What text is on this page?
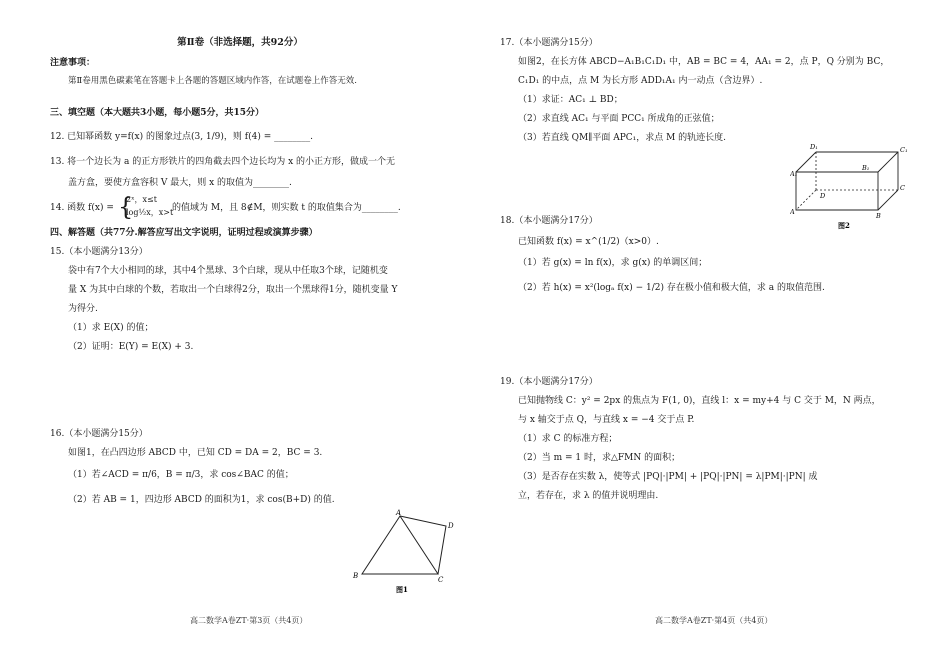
第Ⅱ卷（非选择题，共92分）
注意事项：
第Ⅱ卷用黑色碳素笔在答题卡上各题的答题区域内作答，在试题卷上作答无效.
三、填空题（本大题共3小题，每小题5分，共15分）
12. 已知幂函数 y=f(x) 的图象过点(3, 1/9)，则 f(4) = ________.
13. 将一个边长为 a 的正方形铁片的四角截去四个边长均为 x 的小正方形，做成一个无
盖方盒，要使方盒容积 V 最大，则 x 的取值为________.
14. 函数 f(x) = {
2ˣ，x≤t
log½x，x>t
的值域为 M，且 8∉M，则实数 t 的取值集合为________.
四、解答题（共77分.解答应写出文字说明，证明过程或演算步骤）
15.（本小题满分13分）
袋中有7个大小相同的球，其中4个黑球、3个白球，现从中任取3个球，记随机变
量 X 为其中白球的个数，若取出一个白球得2分，取出一个黑球得1分，随机变量 Y
为得分.
（1）求 E(X) 的值；
（2）证明：E(Y) = E(X) + 3.
16.（本小题满分15分）
如图1，在凸四边形 ABCD 中，已知 CD = DA = 2，BC = 3.
（1）若∠ACD = π/6，B = π/3，求 cos∠BAC 的值；
（2）若 AB = 1，四边形 ABCD 的面积为1，求 cos(B+D) 的值.
A
B	C
D
图1
高二数学A卷ZT·第3页（共4页）
17.（本小题满分15分）
如图2，在长方体 ABCD−A₁B₁C₁D₁ 中，AB = BC = 4，AA₁ = 2，点 P，Q 分别为 BC，
C₁D₁ 的中点，点 M 为长方形 ADD₁A₁ 内一动点（含边界）.
（1）求证：AC₁ ⊥ BD；
（2）求直线 AC₁ 与平面 PCC₁ 所成角的正弦值；
（3）若直线 QM∥平面 APC₁，求点 M 的轨迹长度.
D₁	C₁
A₁
B₁
D
C
A	B
图2
18.（本小题满分17分）
已知函数 f(x) = x^(1/2)（x>0）.
（1）若 g(x) = ln f(x)，求 g(x) 的单调区间；
（2）若 h(x) = x²(logₐ f(x) − 1/2) 存在极小值和极大值，求 a 的取值范围.
19.（本小题满分17分）
已知抛物线 C：y² = 2px 的焦点为 F(1, 0)，直线 l：x = my+4 与 C 交于 M，N 两点，
与 x 轴交于点 Q，与直线 x = −4 交于点 P.
（1）求 C 的标准方程；
（2）当 m = 1 时，求△FMN 的面积；
（3）是否存在实数 λ，使等式 |PQ|·|PM| + |PQ|·|PN| = λ|PM|·|PN| 成
立，若存在，求 λ 的值并说明理由.
高二数学A卷ZT·第4页（共4页）
